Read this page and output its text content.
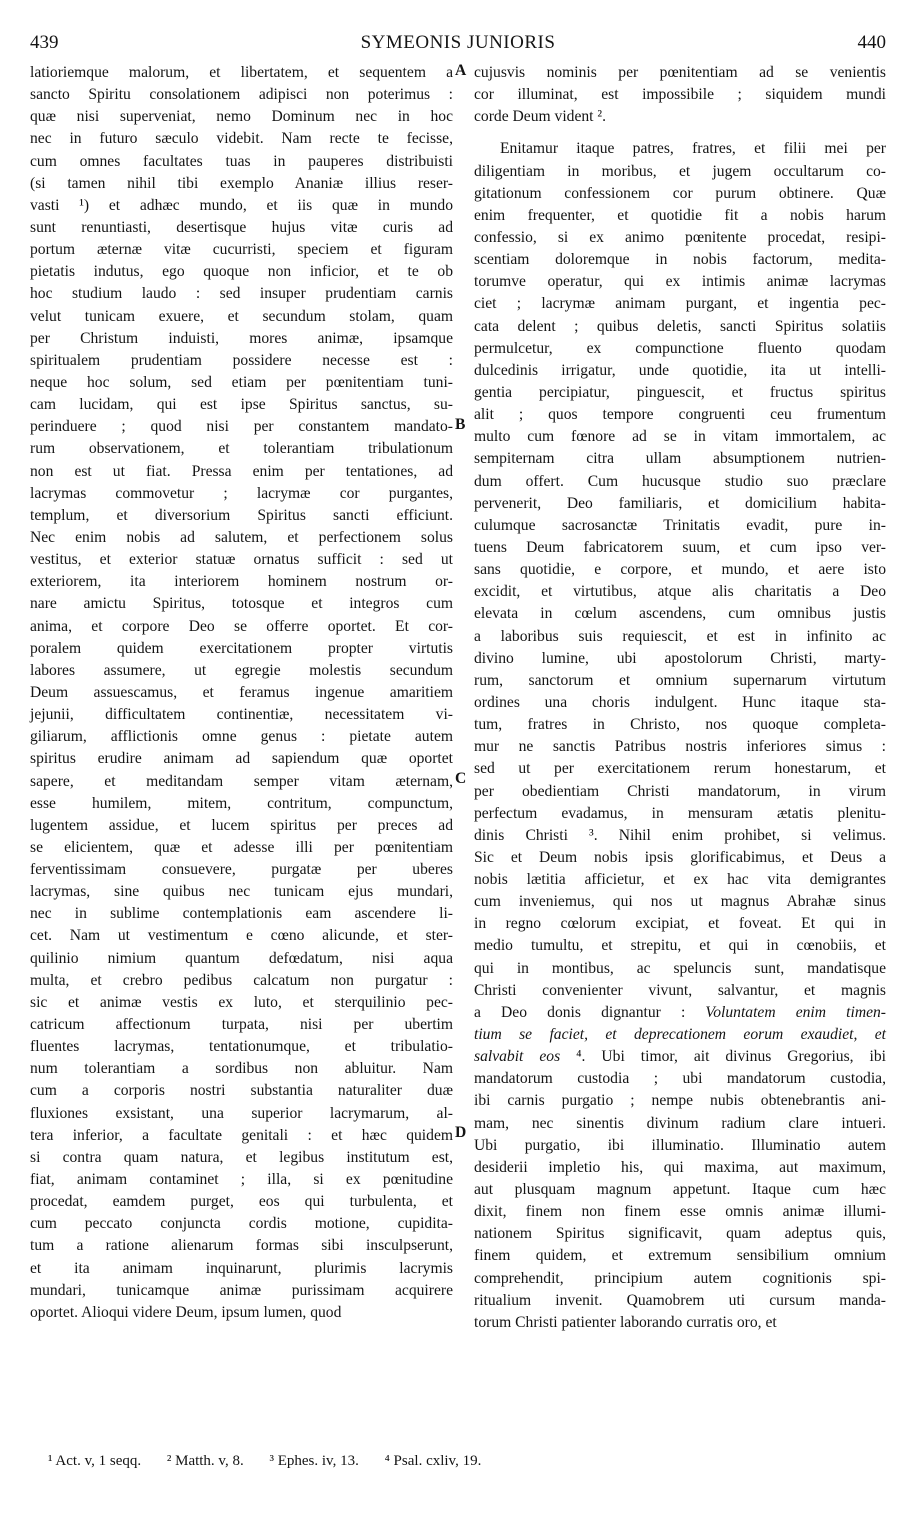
439	SYMEONIS JUNIORIS	440
latioriemque malorum, et libertatem, et sequentem a
sancto Spiritu consolationem adipisci non poterimus :
quæ nisi superveniat, nemo Dominum nec in hoc
nec in futuro sæculo videbit. Nam recte te fecisse,
cum omnes facultates tuas in pauperes distribuisti
(si tamen nihil tibi exemplo Ananiæ illius reser-
vasti ¹) et adhæc mundo, et iis quæ in mundo
sunt renuntiasti, desertisque hujus vitæ curis ad
portum æternæ vitæ cucurristi, speciem et figuram
pietatis indutus, ego quoque non inficior, et te ob
hoc studium laudo : sed insuper prudentiam carnis
velut tunicam exuere, et secundum stolam, quam
per Christum induisti, mores animæ, ipsamque
spiritualem prudentiam possidere necesse est :
neque hoc solum, sed etiam per pœnitentiam tuni-
cam lucidam, qui est ipse Spiritus sanctus, su-
perinduere ; quod nisi per constantem mandato-
rum observationem, et tolerantiam tribulationum
non est ut fiat. Pressa enim per tentationes, ad
lacrymas commovetur ; lacrymæ cor purgantes,
templum, et diversorium Spiritus sancti efficiunt.
Nec enim nobis ad salutem, et perfectionem solus
vestitus, et exterior statuæ ornatus sufficit : sed ut
exteriorem, ita interiorem hominem nostrum or-
nare amictu Spiritus, totosque et integros cum
anima, et corpore Deo se offerre oportet. Et cor-
poralem quidem exercitationem propter virtutis
labores assumere, ut egregie molestis secundum
Deum assuescamus, et feramus ingenue amaritiem
jejunii, difficultatem continentiæ, necessitatem vi-
giliarum, afflictionis omne genus : pietate autem
spiritus erudire animam ad sapiendum quæ oportet
sapere, et meditandam semper vitam æternam,
esse humilem, mitem, contritum, compunctum,
lugentem assidue, et lucem spiritus per preces ad
se elicientem, quæ et adesse illi per pœnitentiam
ferventissimam consuevere, purgatæ per uberes
lacrymas, sine quibus nec tunicam ejus mundari,
nec in sublime contemplationis eam ascendere li-
cet. Nam ut vestimentum e cœno alicunde, et ster-
quilinio nimium quantum defœdatum, nisi aqua
multa, et crebro pedibus calcatum non purgatur :
sic et animæ vestis ex luto, et sterquilinio pec-
catricum affectionum turpata, nisi per ubertim
fluentes lacrymas, tentationumque, et tribulatio-
num tolerantiam a sordibus non abluitur. Nam
cum a corporis nostri substantia naturaliter duæ
fluxiones exsistant, una superior lacrymarum, al-
tera inferior, a facultate genitali : et hæc quidem
si contra quam natura, et legibus institutum est,
fiat, animam contaminet ; illa, si ex pœnitudine
procedat, eamdem purget, eos qui turbulenta, et
cum peccato conjuncta cordis motione, cupidita-
tum a ratione alienarum formas sibi insculpserunt,
et ita animam inquinarunt, plurimis lacrymis
mundari, tunicamque animæ purissimam acquirere
oportet. Alioqui videre Deum, ipsum lumen, quod
cujusvis nominis per pœnitentiam ad se venientis
cor illuminat, est impossibile ; siquidem mundi
corde Deum vident ².
Enitamur itaque patres, fratres, et filii mei per
diligentiam in moribus, et jugem occultarum co-
gitationum confessionem cor purum obtinere. Quæ
enim frequenter, et quotidie fit a nobis harum
confessio, si ex animo pœnitente procedat, resipi-
scentiam doloremque in nobis factorum, medita-
torumve operatur, qui ex intimis animæ lacrymas
ciet ; lacrymæ animam purgant, et ingentia pec-
cata delent ; quibus deletis, sancti Spiritus solatiis
permulcetur, ex compunctione fluento quodam
dulcedinis irrigatur, unde quotidie, ita ut intelli-
gentia percipiatur, pinguescit, et fructus spiritus
alit ; quos tempore congruenti ceu frumentum
multo cum fœnore ad se in vitam immortalem, ac
sempiternam citra ullam absumptionem nutrien-
dum offert. Cum hucusque studio suo præclare
pervenerit, Deo familiaris, et domicilium habita-
culumque sacrosanctæ Trinitatis evadit, pure in-
tuens Deum fabricatorem suum, et cum ipso ver-
sans quotidie, e corpore, et mundo, et aere isto
excidit, et virtutibus, atque alis charitatis a Deo
elevata in cœlum ascendens, cum omnibus justis
a laboribus suis requiescit, et est in infinito ac
divino lumine, ubi apostolorum Christi, marty-
rum, sanctorum et omnium supernarum virtutum
ordines una choris indulgent. Hunc itaque sta-
tum, fratres in Christo, nos quoque completa-
mur ne sanctis Patribus nostris inferiores simus :
sed ut per exercitationem rerum honestarum, et
per obedientiam Christi mandatorum, in virum
perfectum evadamus, in mensuram ætatis plenitu-
dinis Christi ³. Nihil enim prohibet, si velimus.
Sic et Deum nobis ipsis glorificabimus, et Deus a
nobis lætitia afficietur, et ex hac vita demigrantes
cum inveniemus, qui nos ut magnus Abrahæ sinus
in regno cœlorum excipiat, et foveat. Et qui in
medio tumultu, et strepitu, et qui in cœnobiis, et
qui in montibus, ac speluncis sunt, mandatisque
Christi convenienter vivunt, salvantur, et magnis
a Deo donis dignantur : Voluntatem enim timen-
tium se faciet, et deprecationem eorum exaudiet, et
salvabit eos ⁴. Ubi timor, ait divinus Gregorius, ibi
mandatorum custodia ; ubi mandatorum custodia,
ibi carnis purgatio ; nempe nubis obtenebrantis ani-
mam, nec sinentis divinum radium clare intueri.
Ubi purgatio, ibi illuminatio. Illuminatio autem
desiderii impletio his, qui maxima, aut maximum,
aut plusquam magnum appetunt. Itaque cum hæc
dixit, finem non finem esse omnis animæ illumi-
nationem Spiritus significavit, quam adeptus quis,
finem quidem, et extremum sensibilium omnium
comprehendit, principium autem cognitionis spi-
ritualium invenit. Quamobrem uti cursum manda-
torum Christi patienter laborando curratis oro, et
A
B
C
D
¹ Act. v, 1 seqq. ² Matth. v, 8. ³ Ephes. iv, 13. ⁴ Psal. cxliv, 19.
